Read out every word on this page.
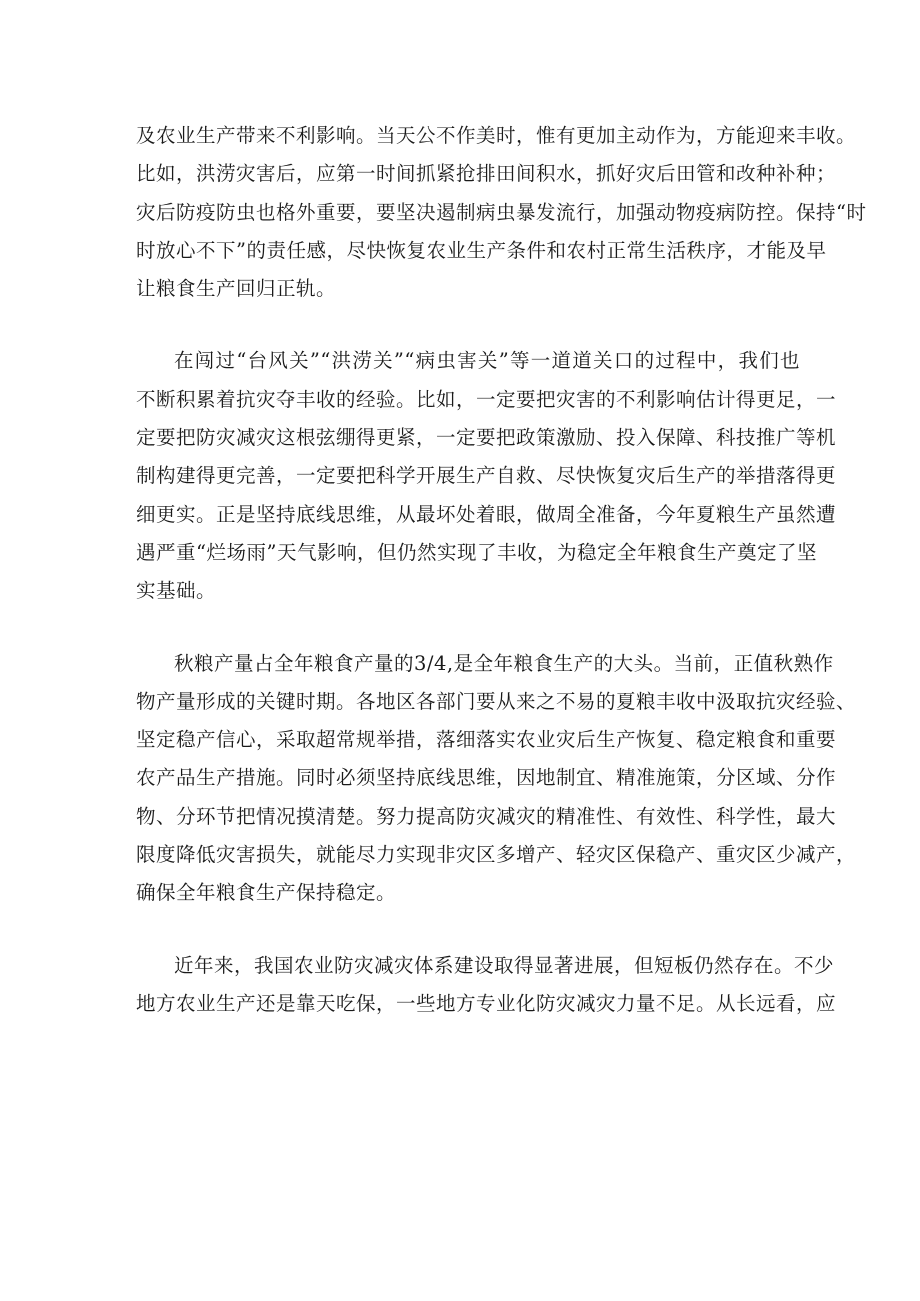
及农业生产带来不利影响。当天公不作美时，惟有更加主动作为，方能迎来丰收。
比如，洪涝灾害后，应第一时间抓紧抢排田间积水，抓好灾后田管和改种补种；
灾后防疫防虫也格外重要，要坚决遏制病虫暴发流行，加强动物疫病防控。保持“时
时放心不下”的责任感，尽快恢复农业生产条件和农村正常生活秩序，才能及早
让粮食生产回归正轨。

在闯过“台风关”“洪涝关”“病虫害关”等一道道关口的过程中，我们也
不断积累着抗灾夺丰收的经验。比如，一定要把灾害的不利影响估计得更足，一
定要把防灾减灾这根弦绷得更紧，一定要把政策激励、投入保障、科技推广等机
制构建得更完善，一定要把科学开展生产自救、尽快恢复灾后生产的举措落得更
细更实。正是坚持底线思维，从最坏处着眼，做周全准备，今年夏粮生产虽然遭
遇严重“烂场雨”天气影响，但仍然实现了丰收，为稳定全年粮食生产奠定了坚
实基础。

秋粮产量占全年粮食产量的3/4,是全年粮食生产的大头。当前，正值秋熟作
物产量形成的关键时期。各地区各部门要从来之不易的夏粮丰收中汲取抗灾经验、
坚定稳产信心，采取超常规举措，落细落实农业灾后生产恢复、稳定粮食和重要
农产品生产措施。同时必须坚持底线思维，因地制宜、精准施策，分区域、分作
物、分环节把情况摸清楚。努力提高防灾减灾的精准性、有效性、科学性，最大
限度降低灾害损失，就能尽力实现非灾区多增产、轻灾区保稳产、重灾区少减产，
确保全年粮食生产保持稳定。

近年来，我国农业防灾减灾体系建设取得显著进展，但短板仍然存在。不少
地方农业生产还是靠天吃保，一些地方专业化防灾减灾力量不足。从长远看，应
